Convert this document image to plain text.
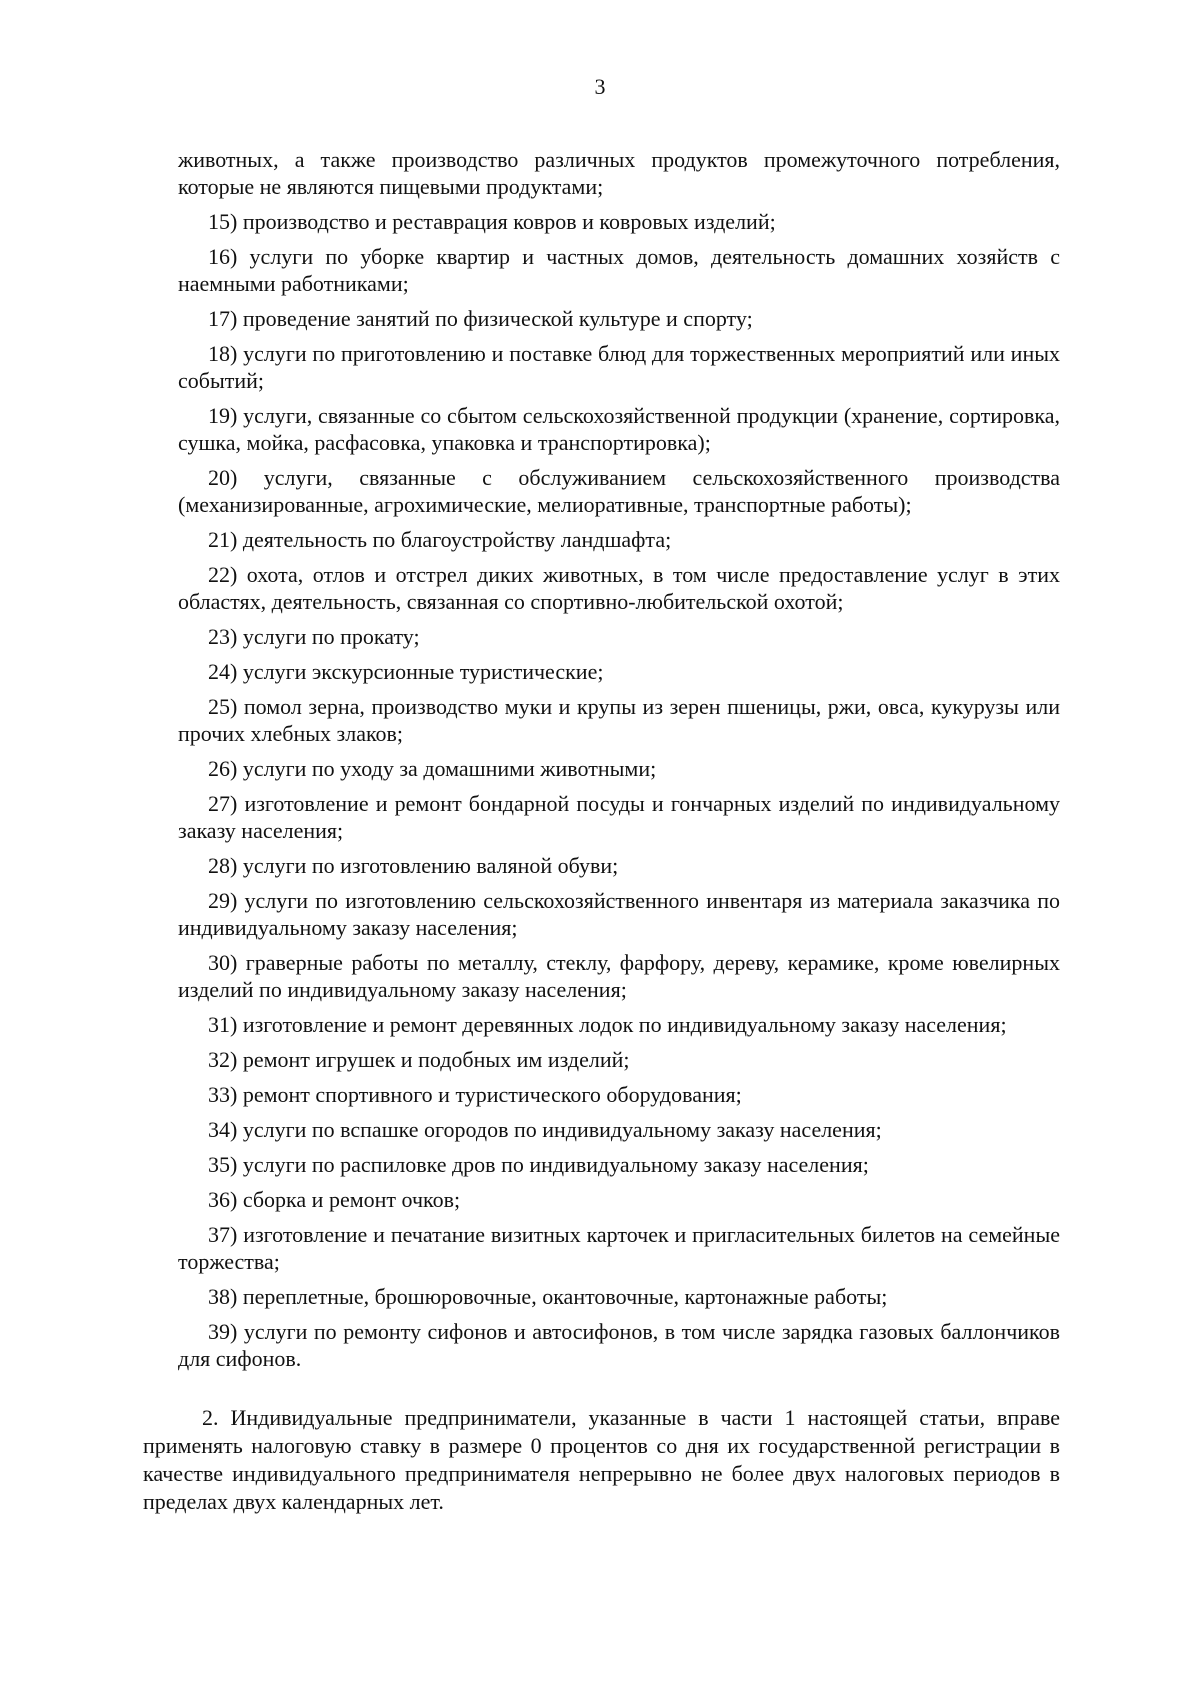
3

животных, а также производство различных продуктов промежуточного потребления, которые не являются пищевыми продуктами;

15) производство и реставрация ковров и ковровых изделий;

16) услуги по уборке квартир и частных домов, деятельность домашних хозяйств с наемными работниками;

17) проведение занятий по физической культуре и спорту;

18) услуги по приготовлению и поставке блюд для торжественных мероприятий или иных событий;

19) услуги, связанные со сбытом сельскохозяйственной продукции (хранение, сортировка, сушка, мойка, расфасовка, упаковка и транспортировка);

20) услуги, связанные с обслуживанием сельскохозяйственного производства (механизированные, агрохимические, мелиоративные, транспортные работы);

21) деятельность по благоустройству ландшафта;

22) охота, отлов и отстрел диких животных, в том числе предоставление услуг в этих областях, деятельность, связанная со спортивно-любительской охотой;

23) услуги по прокату;

24) услуги экскурсионные туристические;

25) помол зерна, производство муки и крупы из зерен пшеницы, ржи, овса, кукурузы или прочих хлебных злаков;

26) услуги по уходу за домашними животными;

27) изготовление и ремонт бондарной посуды и гончарных изделий по индивидуальному заказу населения;

28) услуги по изготовлению валяной обуви;

29) услуги по изготовлению сельскохозяйственного инвентаря из материала заказчика по индивидуальному заказу населения;

30) граверные работы по металлу, стеклу, фарфору, дереву, керамике, кроме ювелирных изделий по индивидуальному заказу населения;

31) изготовление и ремонт деревянных лодок по индивидуальному заказу населения;

32) ремонт игрушек и подобных им изделий;

33) ремонт спортивного и туристического оборудования;

34) услуги по вспашке огородов по индивидуальному заказу населения;

35) услуги по распиловке дров по индивидуальному заказу населения;

36) сборка и ремонт очков;

37) изготовление и печатание визитных карточек и пригласительных билетов на семейные торжества;

38) переплетные, брошюровочные, окантовочные, картонажные работы;

39) услуги по ремонту сифонов и автосифонов, в том числе зарядка газовых баллончиков для сифонов.

2. Индивидуальные предприниматели, указанные в части 1 настоящей статьи, вправе применять налоговую ставку в размере 0 процентов со дня их государственной регистрации в качестве индивидуального предпринимателя непрерывно не более двух налоговых периодов в пределах двух календарных лет.
